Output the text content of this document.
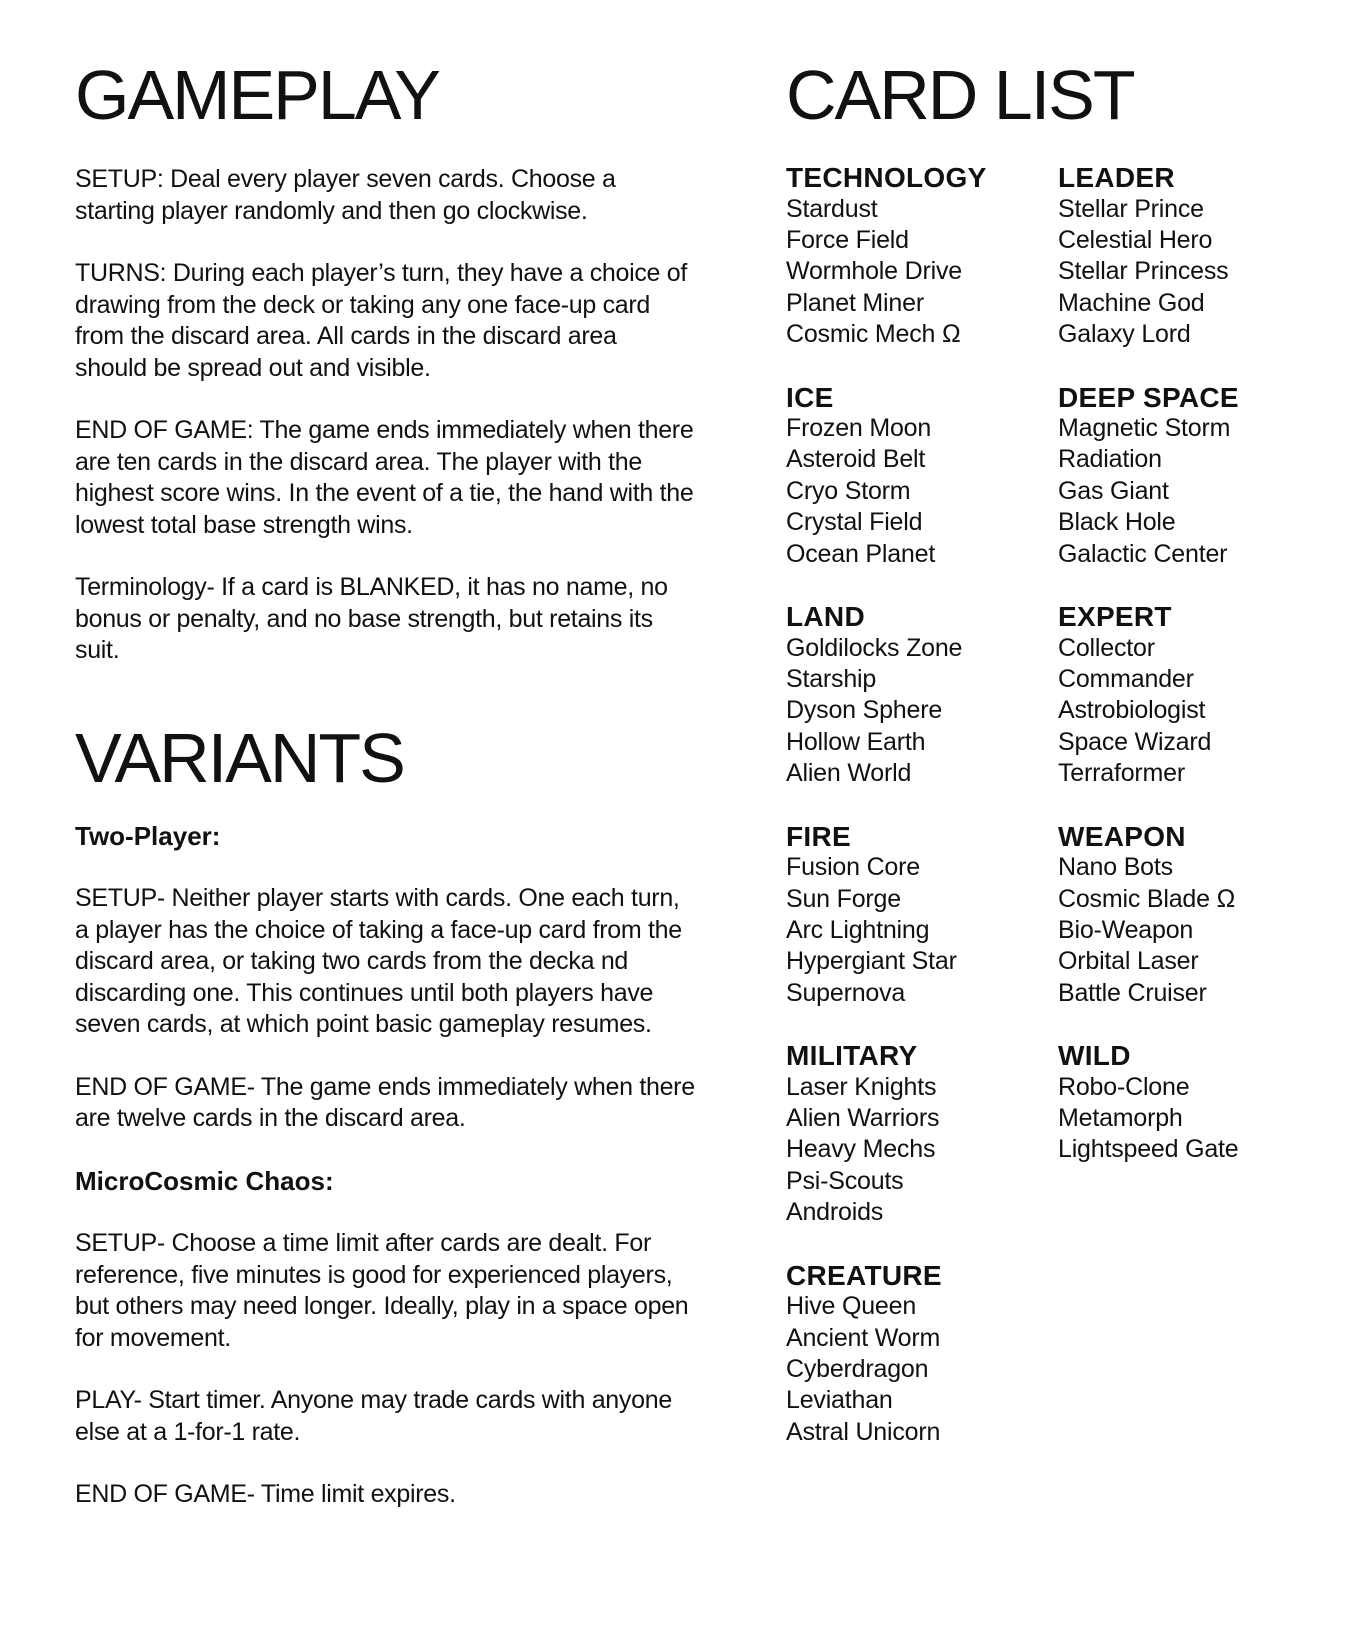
GAMEPLAY

SETUP: Deal every player seven cards. Choose a starting player randomly and then go clockwise.

TURNS: During each player’s turn, they have a choice of drawing from the deck or taking any one face-up card from the discard area. All cards in the discard area should be spread out and visible.

END OF GAME: The game ends immediately when there are ten cards in the discard area. The player with the highest score wins. In the event of a tie, the hand with the lowest total base strength wins.

Terminology- If a card is BLANKED, it has no name, no bonus or penalty, and no base strength, but retains its suit.

VARIANTS

Two-Player:

SETUP- Neither player starts with cards. One each turn, a player has the choice of taking a face-up card from the discard area, or taking two cards from the decka nd discarding one. This continues until both players have seven cards, at which point basic gameplay resumes.

END OF GAME- The game ends immediately when there are twelve cards in the discard area.

MicroCosmic Chaos:

SETUP- Choose a time limit after cards are dealt. For reference, five minutes is good for experienced players, but others may need longer. Ideally, play in a space open for movement.

PLAY- Start timer. Anyone may trade cards with anyone else at a 1-for-1 rate.

END OF GAME- Time limit expires.

CARD LIST

TECHNOLOGY

Stardust

Force Field

Wormhole Drive

Planet Miner

Cosmic Mech Ω

LEADER

Stellar Prince

Celestial Hero

Stellar Princess

Machine God

Galaxy Lord

ICE

Frozen Moon

Asteroid Belt

Cryo Storm

Crystal Field

Ocean Planet

DEEP SPACE

Magnetic Storm

Radiation

Gas Giant

Black Hole

Galactic Center

LAND

Goldilocks Zone

Starship

Dyson Sphere

Hollow Earth

Alien World

EXPERT

Collector

Commander

Astrobiologist

Space Wizard

Terraformer

FIRE

Fusion Core

Sun Forge

Arc Lightning

Hypergiant Star

Supernova

WEAPON

Nano Bots

Cosmic Blade Ω

Bio-Weapon

Orbital Laser

Battle Cruiser

MILITARY

Laser Knights

Alien Warriors

Heavy Mechs

Psi-Scouts

Androids

WILD

Robo-Clone

Metamorph

Lightspeed Gate

CREATURE

Hive Queen

Ancient Worm

Cyberdragon

Leviathan

Astral Unicorn
